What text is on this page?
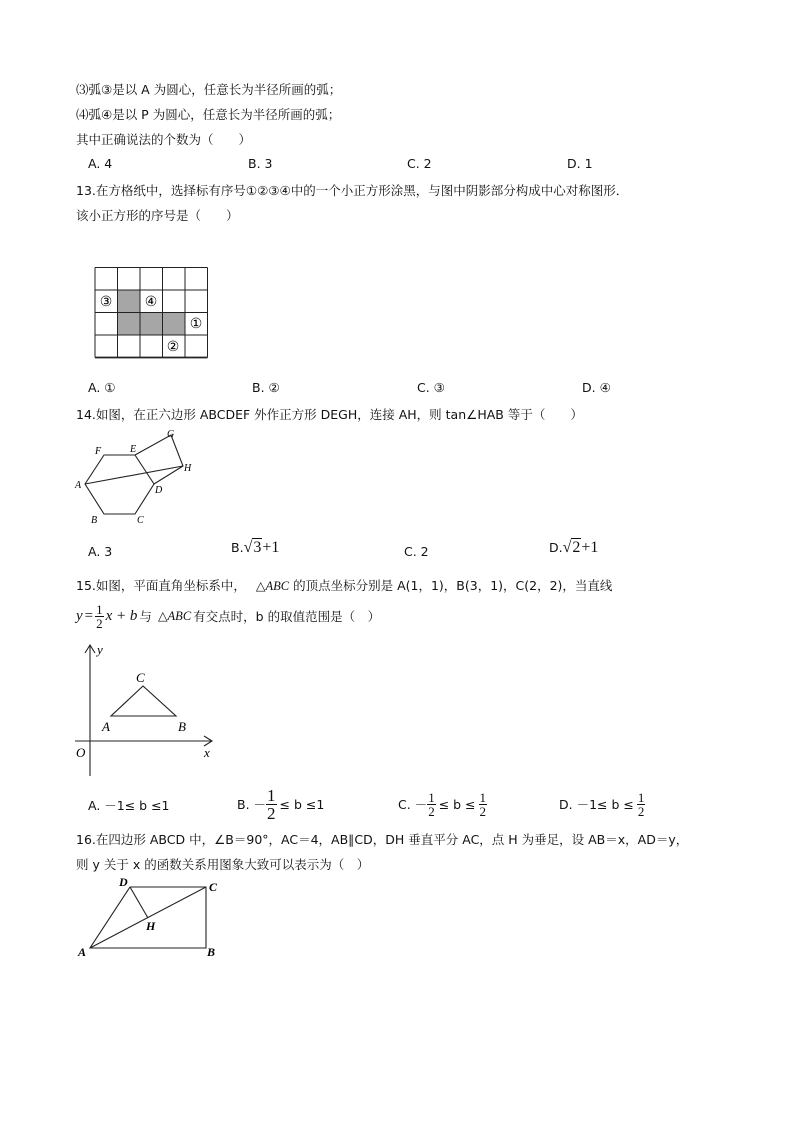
⑶弧③是以 A 为圆心，任意长为半径所画的弧；
⑷弧④是以 P 为圆心，任意长为半径所画的弧；
其中正确说法的个数为（　　）
A. 4	B. 3	C. 2	D. 1
13.在方格纸中，选择标有序号①②③④中的一个小正方形涂黑，与图中阴影部分构成中心对称图形．
该小正方形的序号是（　　）
③ ④
①
②
A. ①	B. ②	C. ③	D. ④
14.如图，在正六边形 ABCDEF 外作正方形 DEGH，连接 AH，则 tan∠HAB 等于（　　）
A
B	C
D
E
F
G
H
A. 3	B.√3+1	C. 2	D.√2+1
15.如图，平面直角坐标系中， △ABC 的顶点坐标分别是 A(1，1)，B(3，1)，C(2，2)，当直线
$y = \frac{1}{2}$ x + b 与 △ABC 有交点时，b 的取值范围是（　）
y
x
O
A	B
C
A. －1≤ b ≤1	B. － $\frac{1}{2} \le b \le 1$	C. － $\frac{1}{2} \le b \le \frac{1}{2}$	D. $-1\le b \le \frac{1}{2}$
16.在四边形 ABCD 中，∠B＝90°，AC＝4，AB∥CD，DH 垂直平分 AC，点 H 为垂足，设 AB＝x，AD＝y，
则 y 关于 x 的函数关系用图象大致可以表示为（　）
D	C
H
A	B
